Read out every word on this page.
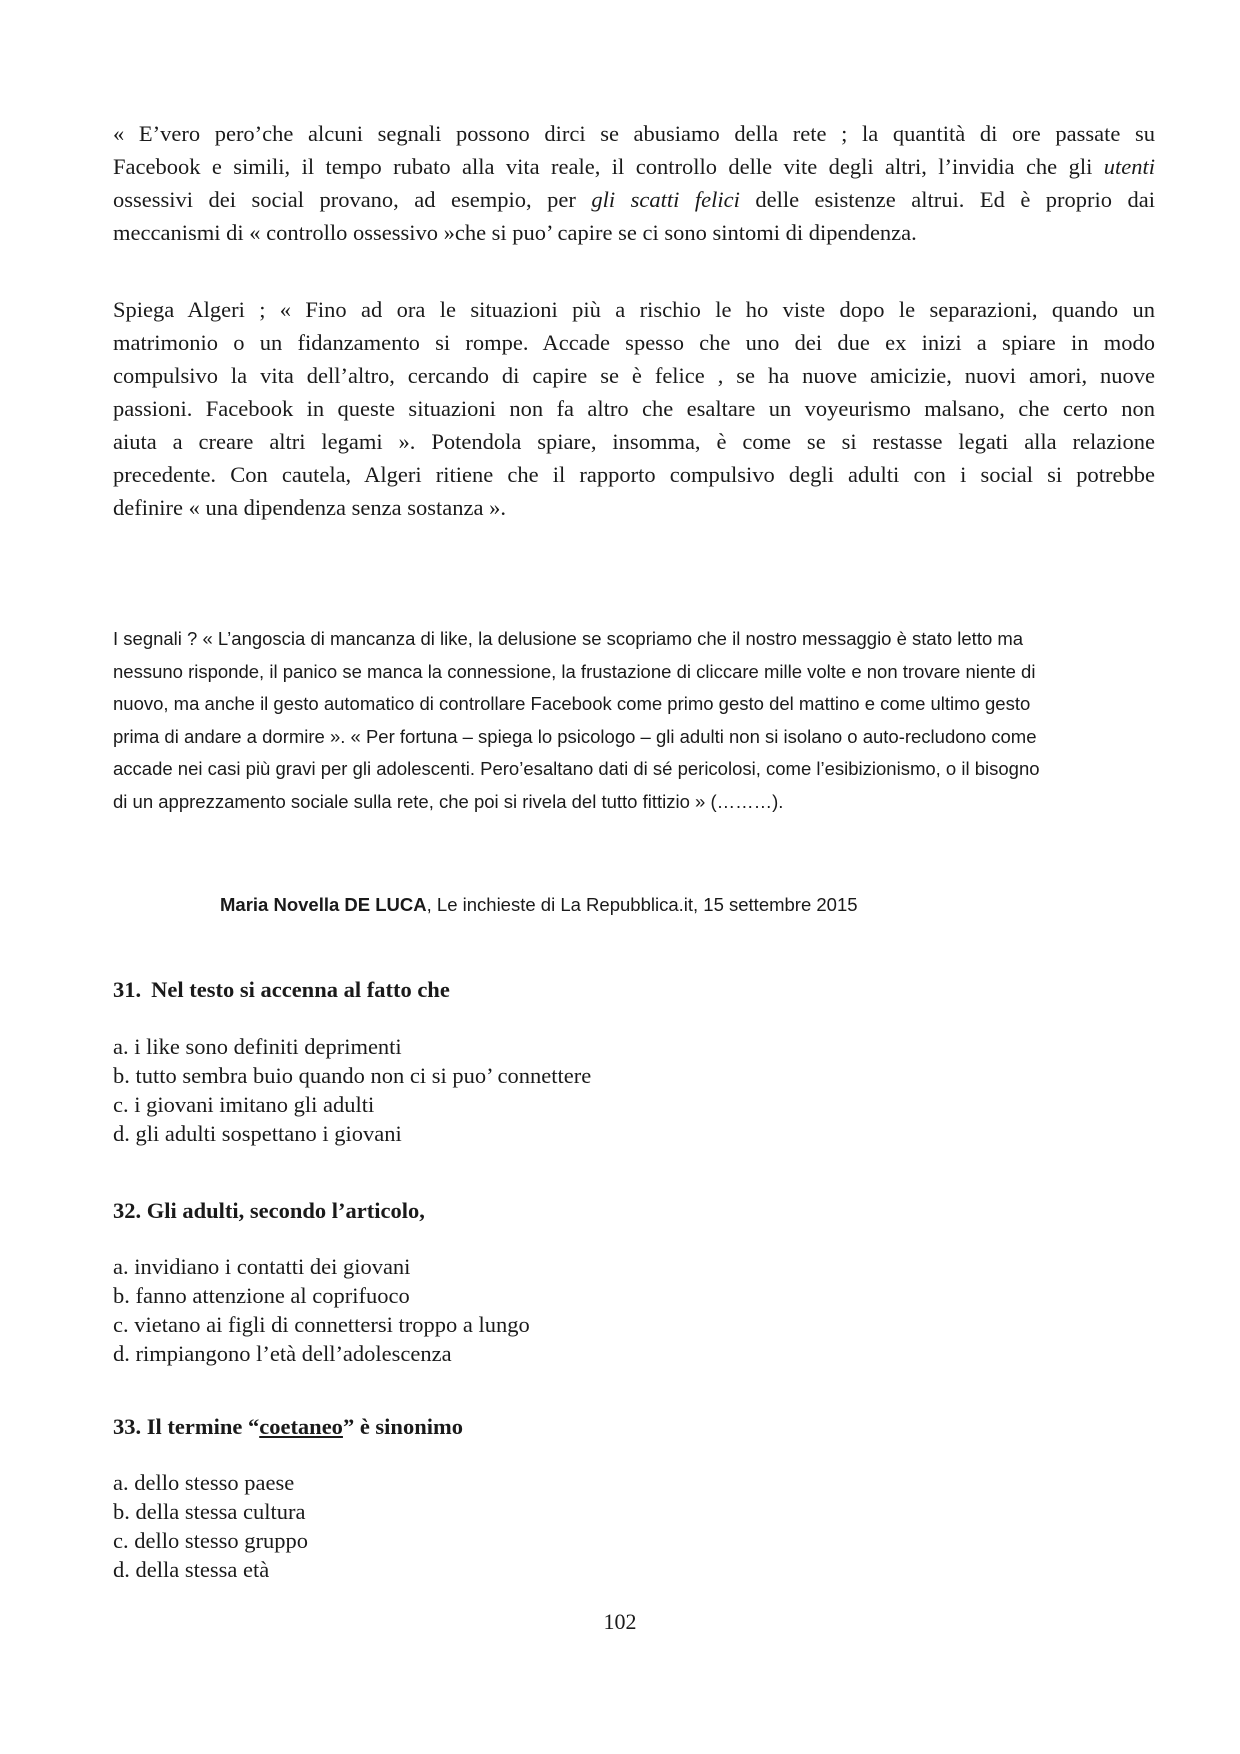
« E’vero pero’che alcuni segnali possono dirci se abusiamo della rete ; la quantità di ore passate su
Facebook e simili, il tempo rubato alla vita reale, il controllo delle vite degli altri, l’invidia che gli utenti
ossessivi dei social provano, ad esempio, per gli scatti felici delle esistenze altrui. Ed è proprio dai
meccanismi di « controllo ossessivo »che si puo’ capire se ci sono sintomi di dipendenza.
Spiega Algeri ; « Fino ad ora le situazioni più a rischio le ho viste dopo le separazioni, quando un
matrimonio o un fidanzamento si rompe. Accade spesso che uno dei due ex inizi a spiare in modo
compulsivo la vita dell’altro, cercando di capire se è felice , se ha nuove amicizie, nuovi amori, nuove
passioni. Facebook in queste situazioni non fa altro che esaltare un voyeurismo malsano, che certo non
aiuta a creare altri legami ». Potendola spiare, insomma, è come se si restasse legati alla relazione
precedente. Con cautela, Algeri ritiene che il rapporto compulsivo degli adulti con i social si potrebbe
definire « una dipendenza senza sostanza ».
I segnali ? « L’angoscia di mancanza di like, la delusione se scopriamo che il nostro messaggio è stato letto ma
nessuno risponde, il panico se manca la connessione, la frustazione di cliccare mille volte e non trovare niente di
nuovo, ma anche il gesto automatico di controllare Facebook come primo gesto del mattino e come ultimo gesto
prima di andare a dormire ». « Per fortuna – spiega lo psicologo – gli adulti non si isolano o auto-recludono come
accade nei casi più gravi per gli adolescenti. Pero’esaltano dati di sé pericolosi, come l’esibizionismo, o il bisogno
di un apprezzamento sociale sulla rete, che poi si rivela del tutto fittizio » (………).
Maria Novella DE LUCA, Le inchieste di La Repubblica.it, 15 settembre 2015
31. Nel testo si accenna al fatto che
a. i like sono definiti deprimenti
b. tutto sembra buio quando non ci si puo’ connettere
c. i giovani imitano gli adulti
d. gli adulti sospettano i giovani
32. Gli adulti, secondo l’articolo,
a. invidiano i contatti dei giovani
b. fanno attenzione al coprifuoco
c. vietano ai figli di connettersi troppo a lungo
d. rimpiangono l’età dell’adolescenza
33. Il termine “coetaneo” è sinonimo
a. dello stesso paese
b. della stessa cultura
c. dello stesso gruppo
d. della stessa età
102
